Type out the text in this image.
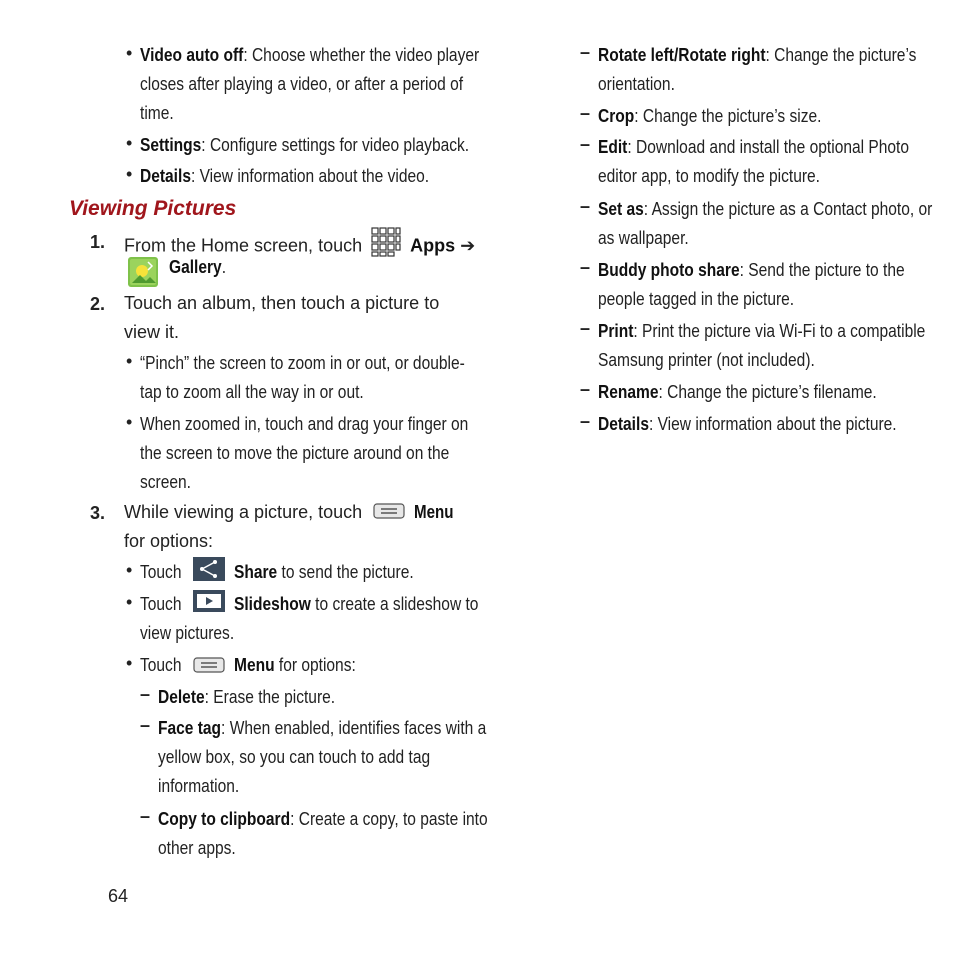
• Video auto off: Choose whether the video player
closes after playing a video, or after a period of
time.
• Settings: Configure settings for video playback.
• Details: View information about the video.
Viewing Pictures
1. From the Home screen, touch	Apps ➔
Gallery.
2. Touch an album, then touch a picture to
view it.
• “Pinch” the screen to zoom in or out, or double-
tap to zoom all the way in or out.
• When zoomed in, touch and drag your finger on
the screen to move the picture around on the
screen.
3. While viewing a picture, touch	Menu
for options:
• Touch	Share to send the picture.
• Touch	Slideshow to create a slideshow to
view pictures.
• Touch	Menu for options:
– Delete: Erase the picture.
– Face tag: When enabled, identifies faces with a
yellow box, so you can touch to add tag
information.
– Copy to clipboard: Create a copy, to paste into
other apps.
– Rotate left/Rotate right: Change the picture’s
orientation.
– Crop: Change the picture’s size.
– Edit: Download and install the optional Photo
editor app, to modify the picture.
– Set as: Assign the picture as a Contact photo, or
as wallpaper.
– Buddy photo share: Send the picture to the
people tagged in the picture.
– Print: Print the picture via Wi-Fi to a compatible
Samsung printer (not included).
– Rename: Change the picture’s filename.
– Details: View information about the picture.
64
